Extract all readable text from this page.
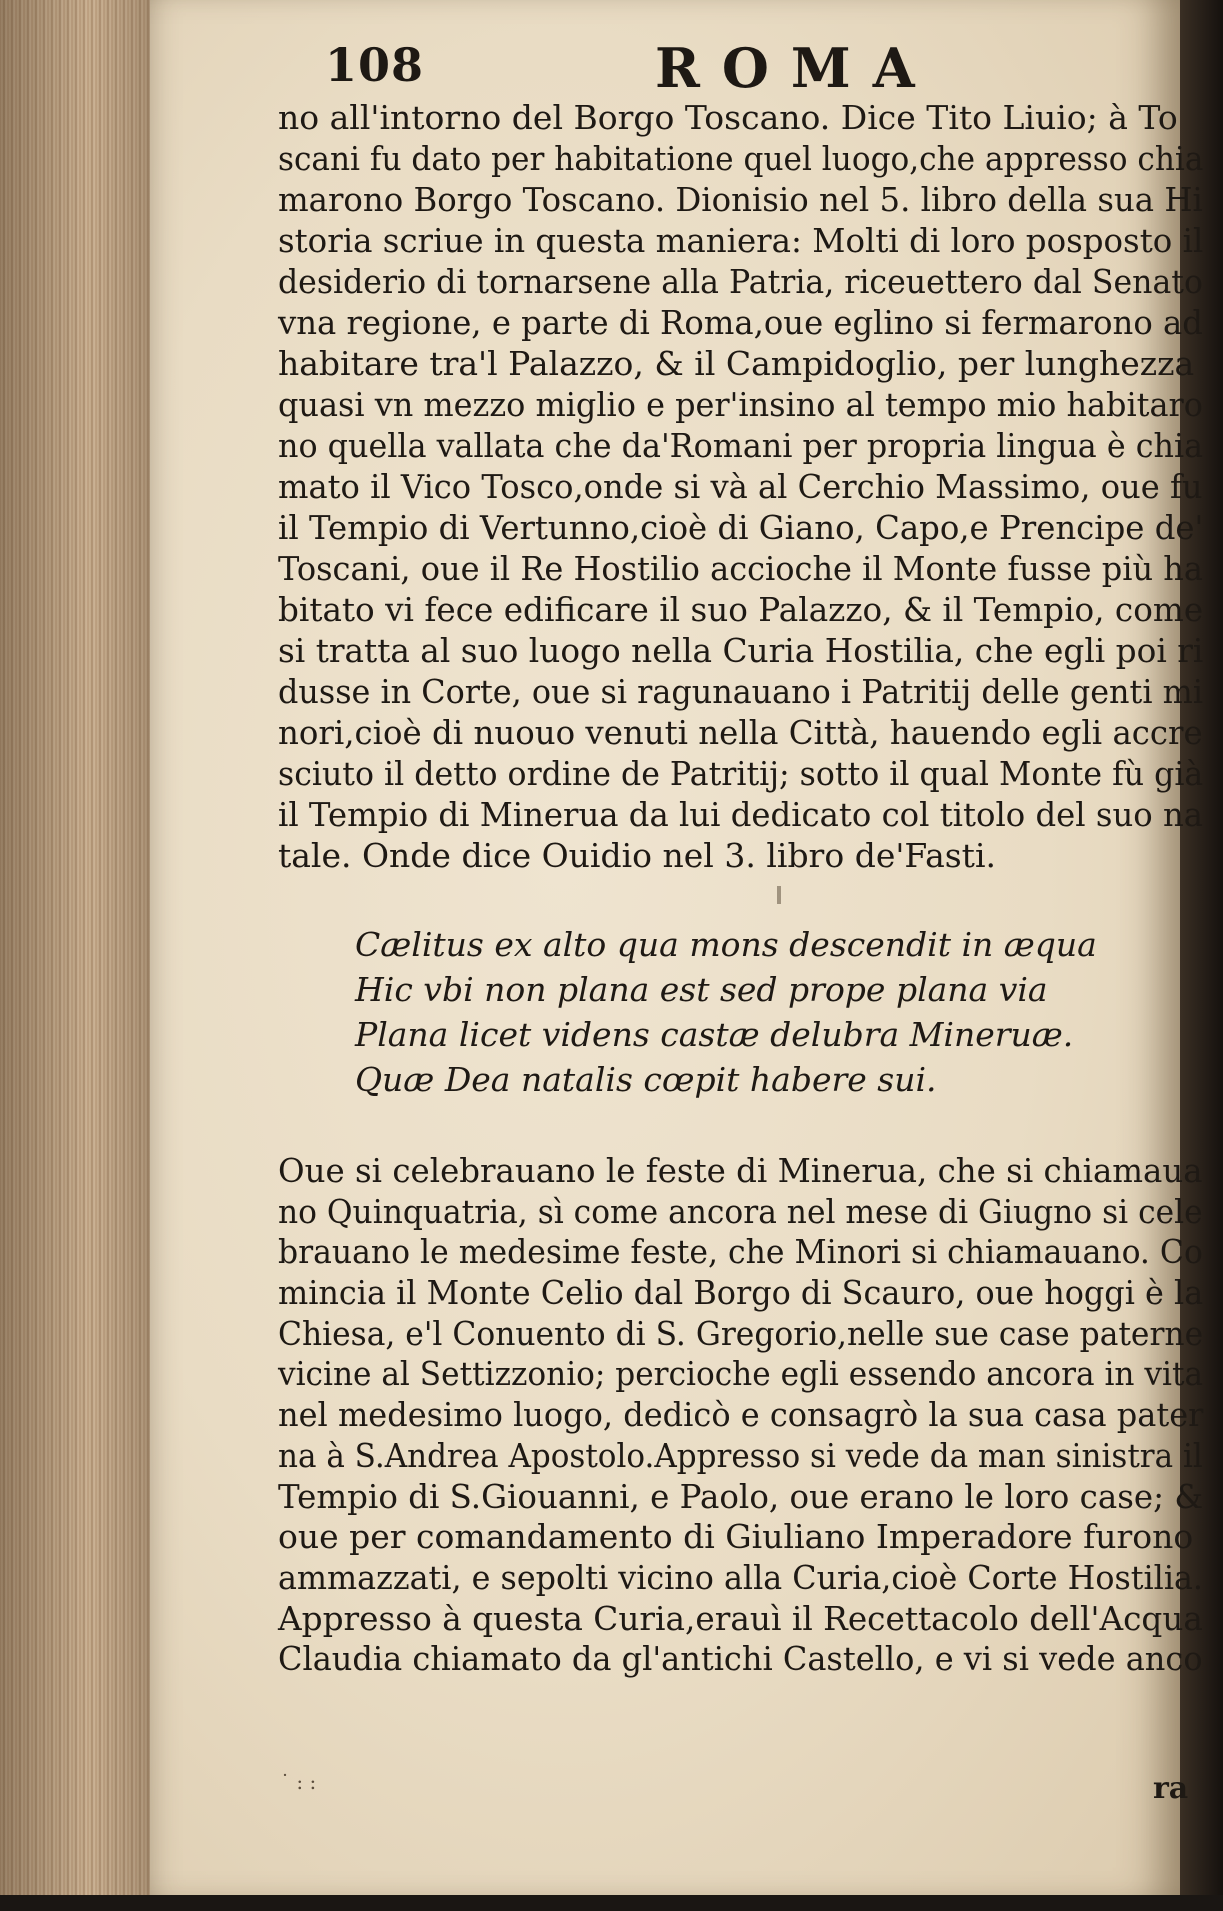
108	ROMA
no all'intorno del Borgo Toscano. Dice Tito Liuio; à To
scani fu dato per habitatione quel luogo,che appresso chia
marono Borgo Toscano. Dionisio nel 5. libro della sua Hi
storia scriue in questa maniera: Molti di loro posposto il
desiderio di tornarsene alla Patria, riceuettero dal Senato
vna regione, e parte di Roma,oue eglino si fermarono ad
habitare tra'l Palazzo, & il Campidoglio, per lunghezza
quasi vn mezzo miglio e per'insino al tempo mio habitaro
no quella vallata che da'Romani per propria lingua è chia
mato il Vico Tosco,onde si và al Cerchio Massimo, oue fu
il Tempio di Vertunno,cioè di Giano, Capo,e Prencipe de'
Toscani, oue il Re Hostilio accioche il Monte fusse più ha
bitato vi fece edificare il suo Palazzo, & il Tempio, come
si tratta al suo luogo nella Curia Hostilia, che egli poi ri
dusse in Corte, oue si ragunauano i Patritij delle genti mi
nori,cioè di nuouo venuti nella Città, hauendo egli accre
sciuto il detto ordine de Patritij; sotto il qual Monte fù già
il Tempio di Minerua da lui dedicato col titolo del suo na
tale. Onde dice Ouidio nel 3. libro de'Fasti.
Cælitus ex alto qua mons descendit in æqua
Hic vbi non plana est sed prope plana via
Plana licet videns castæ delubra Mineruæ.
Quæ Dea natalis cœpit habere sui.
Oue si celebrauano le feste di Minerua, che si chiamaua
no Quinquatria, sì come ancora nel mese di Giugno si cele
brauano le medesime feste, che Minori si chiamauano. Co
mincia il Monte Celio dal Borgo di Scauro, oue hoggi è la
Chiesa, e'l Conuento di S. Gregorio,nelle sue case paterne
vicine al Settizzonio; percioche egli essendo ancora in vita
nel medesimo luogo, dedicò e consagrò la sua casa pater
na à S.Andrea Apostolo.Appresso si vede da man sinistra il
Tempio di S.Giouanni, e Paolo, oue erano le loro case; &
oue per comandamento di Giuliano Imperadore furono
ammazzati, e sepolti vicino alla Curia,cioè Corte Hostilia.
Appresso à questa Curia,erauì il Recettacolo dell'Acqua
Claudia chiamato da gl'antichi Castello, e vi si vede anco
˙ : :	ra
